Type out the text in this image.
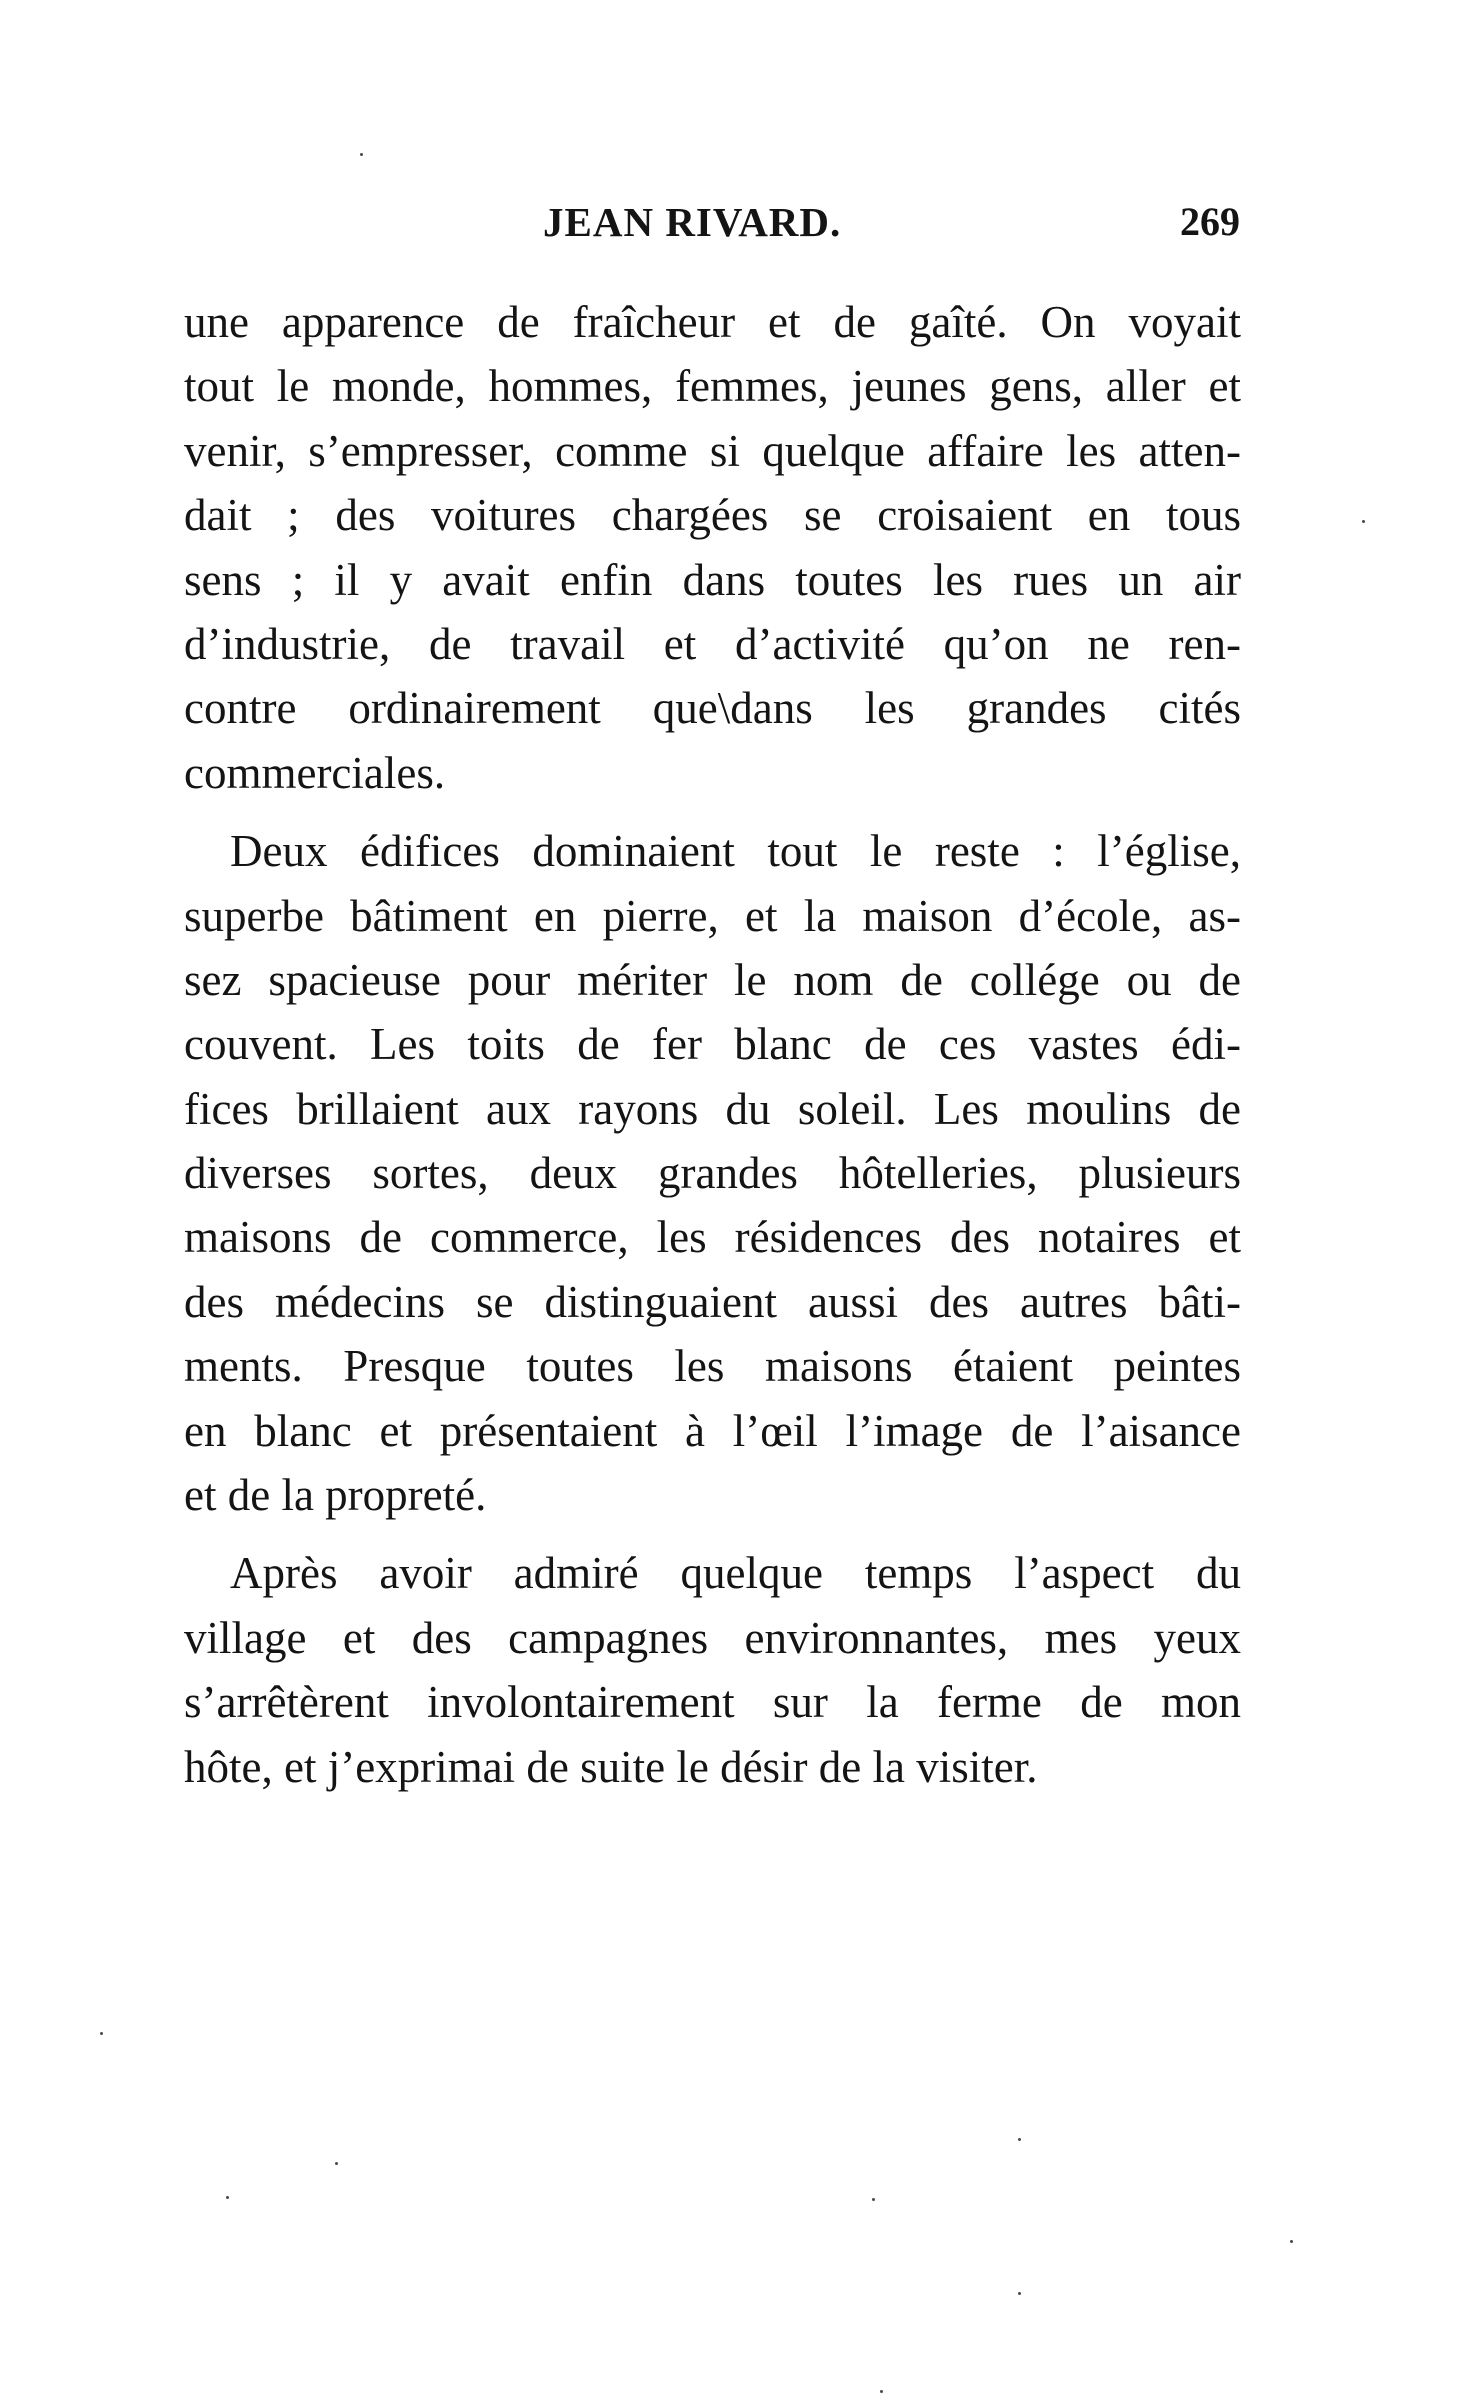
JEAN RIVARD.	269

une apparence de fraîcheur et de gaîté. On voyait
tout le monde, hommes, femmes, jeunes gens, aller et
venir, s’empresser, comme si quelque affaire les atten-
dait ; des voitures chargées se croisaient en tous
sens ; il y avait enfin dans toutes les rues un air
d’industrie, de travail et d’activité qu’on ne ren-
contre ordinairement que\dans les grandes cités
commerciales.

Deux édifices dominaient tout le reste : l’église,
superbe bâtiment en pierre, et la maison d’école, as-
sez spacieuse pour mériter le nom de collége ou de
couvent. Les toits de fer blanc de ces vastes édi-
fices brillaient aux rayons du soleil. Les moulins de
diverses sortes, deux grandes hôtelleries, plusieurs
maisons de commerce, les résidences des notaires et
des médecins se distinguaient aussi des autres bâti-
ments. Presque toutes les maisons étaient peintes
en blanc et présentaient à l’œil l’image de l’aisance
et de la propreté.

Après avoir admiré quelque temps l’aspect du
village et des campagnes environnantes, mes yeux
s’arrêtèrent involontairement sur la ferme de mon
hôte, et j’exprimai de suite le désir de la visiter.
